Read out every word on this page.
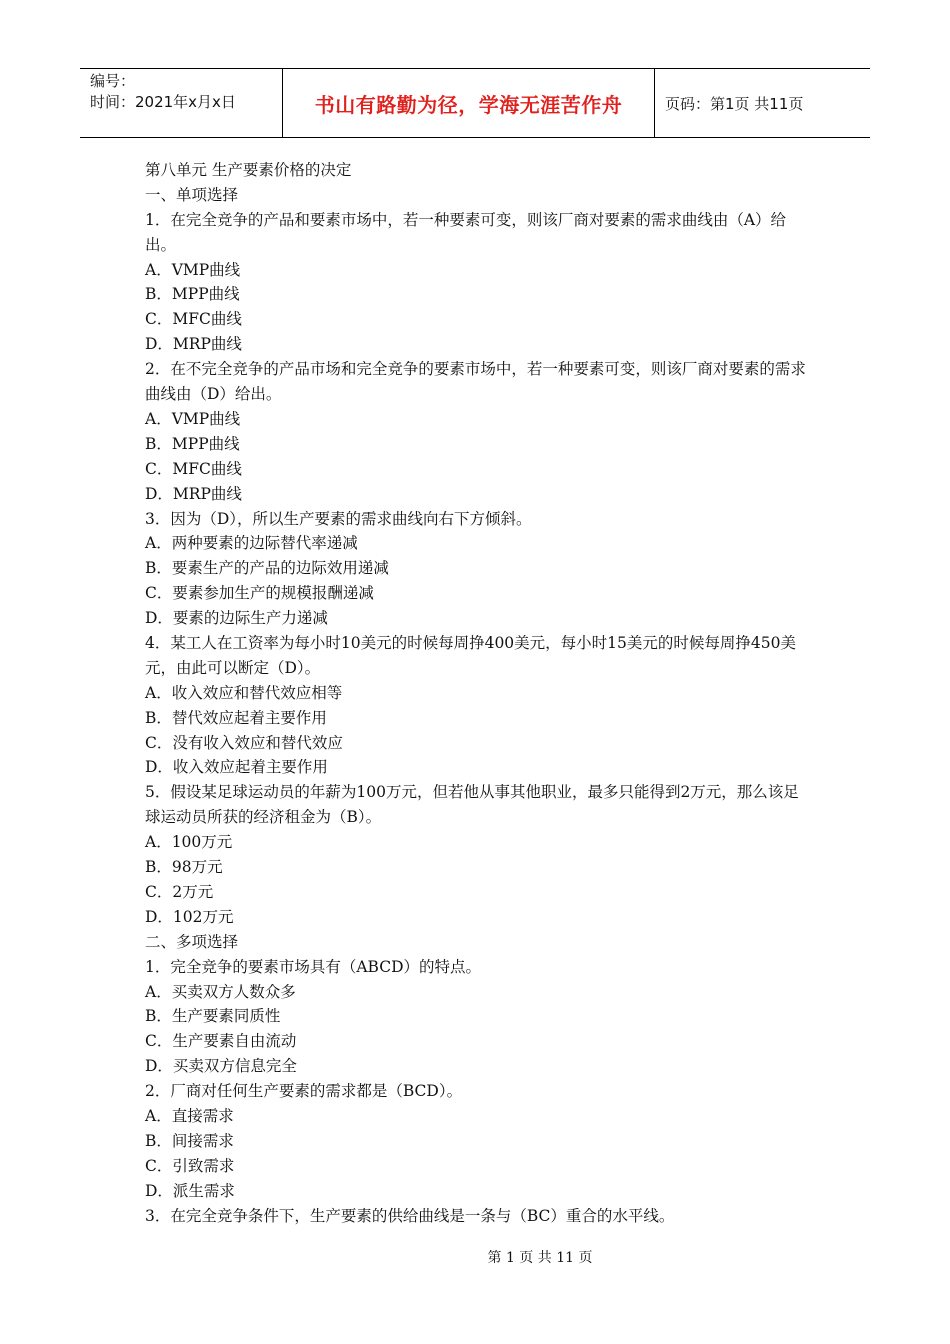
编号：
时间：2021年x月x日	书山有路勤为径，学海无涯苦作舟	页码：第1页 共11页
第八单元 生产要素价格的决定
一、单项选择
1．在完全竞争的产品和要素市场中，若一种要素可变，则该厂商对要素的需求曲线由（A）给出。
A．VMP曲线
B．MPP曲线
C．MFC曲线
D．MRP曲线
2．在不完全竞争的产品市场和完全竞争的要素市场中，若一种要素可变，则该厂商对要素的需求曲线由（D）给出。
A．VMP曲线
B．MPP曲线
C．MFC曲线
D．MRP曲线
3．因为（D），所以生产要素的需求曲线向右下方倾斜。
A．两种要素的边际替代率递减
B．要素生产的产品的边际效用递减
C．要素参加生产的规模报酬递减
D．要素的边际生产力递减
4．某工人在工资率为每小时10美元的时候每周挣400美元，每小时15美元的时候每周挣450美元，由此可以断定（D）。
A．收入效应和替代效应相等
B．替代效应起着主要作用
C．没有收入效应和替代效应
D．收入效应起着主要作用
5．假设某足球运动员的年薪为100万元，但若他从事其他职业，最多只能得到2万元，那么该足球运动员所获的经济租金为（B）。
A．100万元
B．98万元
C．2万元
D．102万元
二、多项选择
1．完全竞争的要素市场具有（ABCD）的特点。
A．买卖双方人数众多
B．生产要素同质性
C．生产要素自由流动
D．买卖双方信息完全
2．厂商对任何生产要素的需求都是（BCD）。
A．直接需求
B．间接需求
C．引致需求
D．派生需求
3．在完全竞争条件下，生产要素的供给曲线是一条与（BC）重合的水平线。
第 1 页 共 11 页
